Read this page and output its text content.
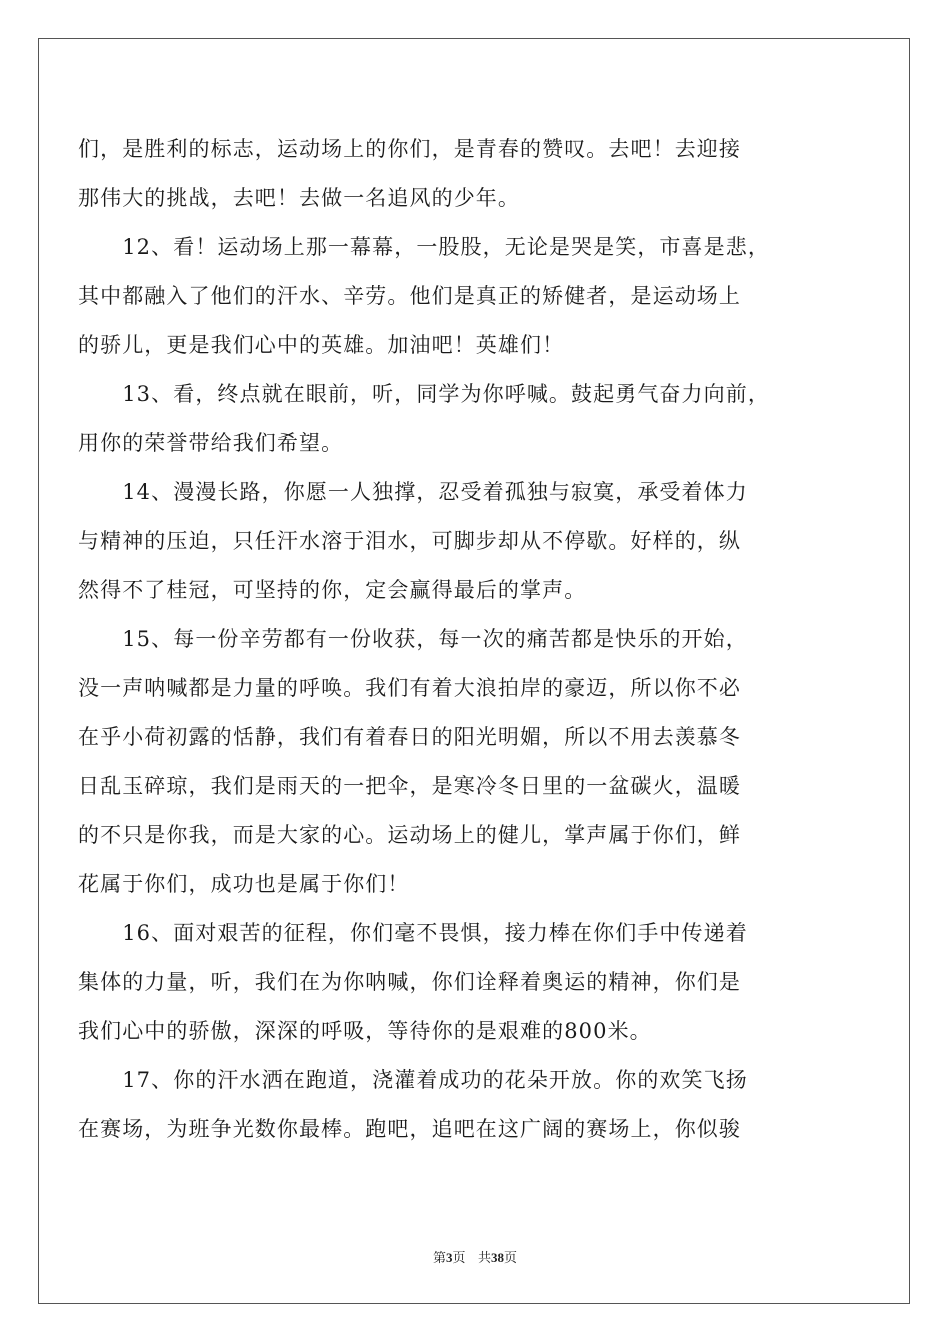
们，是胜利的标志，运动场上的你们，是青春的赞叹。去吧！去迎接
那伟大的挑战，去吧！去做一名追风的少年。
　　12、看！运动场上那一幕幕，一股股，无论是哭是笑，市喜是悲，
其中都融入了他们的汗水、辛劳。他们是真正的矫健者，是运动场上
的骄儿，更是我们心中的英雄。加油吧！英雄们！
　　13、看，终点就在眼前，听，同学为你呼喊。鼓起勇气奋力向前，
用你的荣誉带给我们希望。
　　14、漫漫长路，你愿一人独撑，忍受着孤独与寂寞，承受着体力
与精神的压迫，只任汗水溶于泪水，可脚步却从不停歇。好样的，纵
然得不了桂冠，可坚持的你，定会赢得最后的掌声。
　　15、每一份辛劳都有一份收获，每一次的痛苦都是快乐的开始，
没一声呐喊都是力量的呼唤。我们有着大浪拍岸的豪迈，所以你不必
在乎小荷初露的恬静，我们有着春日的阳光明媚，所以不用去羡慕冬
日乱玉碎琼，我们是雨天的一把伞，是寒冷冬日里的一盆碳火，温暖
的不只是你我，而是大家的心。运动场上的健儿，掌声属于你们，鲜
花属于你们，成功也是属于你们！
　　16、面对艰苦的征程，你们毫不畏惧，接力棒在你们手中传递着
集体的力量，听，我们在为你呐喊，你们诠释着奥运的精神，你们是
我们心中的骄傲，深深的呼吸，等待你的是艰难的800米。
　　17、你的汗水洒在跑道，浇灌着成功的花朵开放。你的欢笑飞扬
在赛场，为班争光数你最棒。跑吧，追吧在这广阔的赛场上，你似骏
第3页   共38页
